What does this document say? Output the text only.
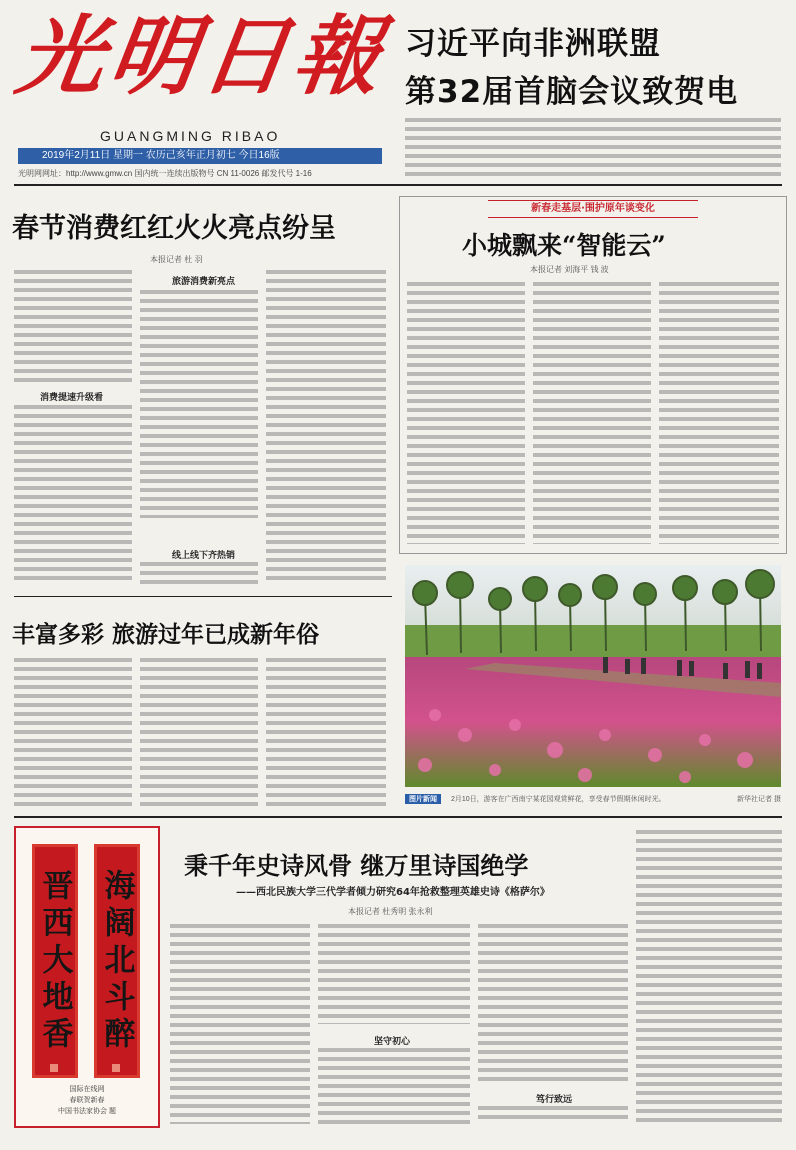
光明日報
GUANGMING RIBAO
2019年2月11日 星期一 农历己亥年正月初七 今日16版
光明网网址：http://www.gmw.cn 国内统一连续出版物号 CN 11-0026 邮发代号 1-16
习近平向非洲联盟
第32届首脑会议致贺电
春节消费红红火火亮点纷呈
本报记者 杜 羽
消费提速升级看
旅游消费新亮点
线上线下齐热销
新春走基层·围护原年谈变化
小城飘来“智能云”
本报记者 刘海平 钱 波
丰富多彩 旅游过年已成新年俗
图片新闻 2月10日，游客在广西南宁某花园观赏鲜花，享受春节假期休闲时光。	新华社记者 摄
秉千年史诗风骨 继万里诗国绝学
——西北民族大学三代学者倾力研究64年抢救整理英雄史诗《格萨尔》
本报记者 杜秀明 张永利
坚守初心
笃行致远
晋西大地香 海阔北斗醉
国际在线网
春联贺新春
中国书法家协会 题
